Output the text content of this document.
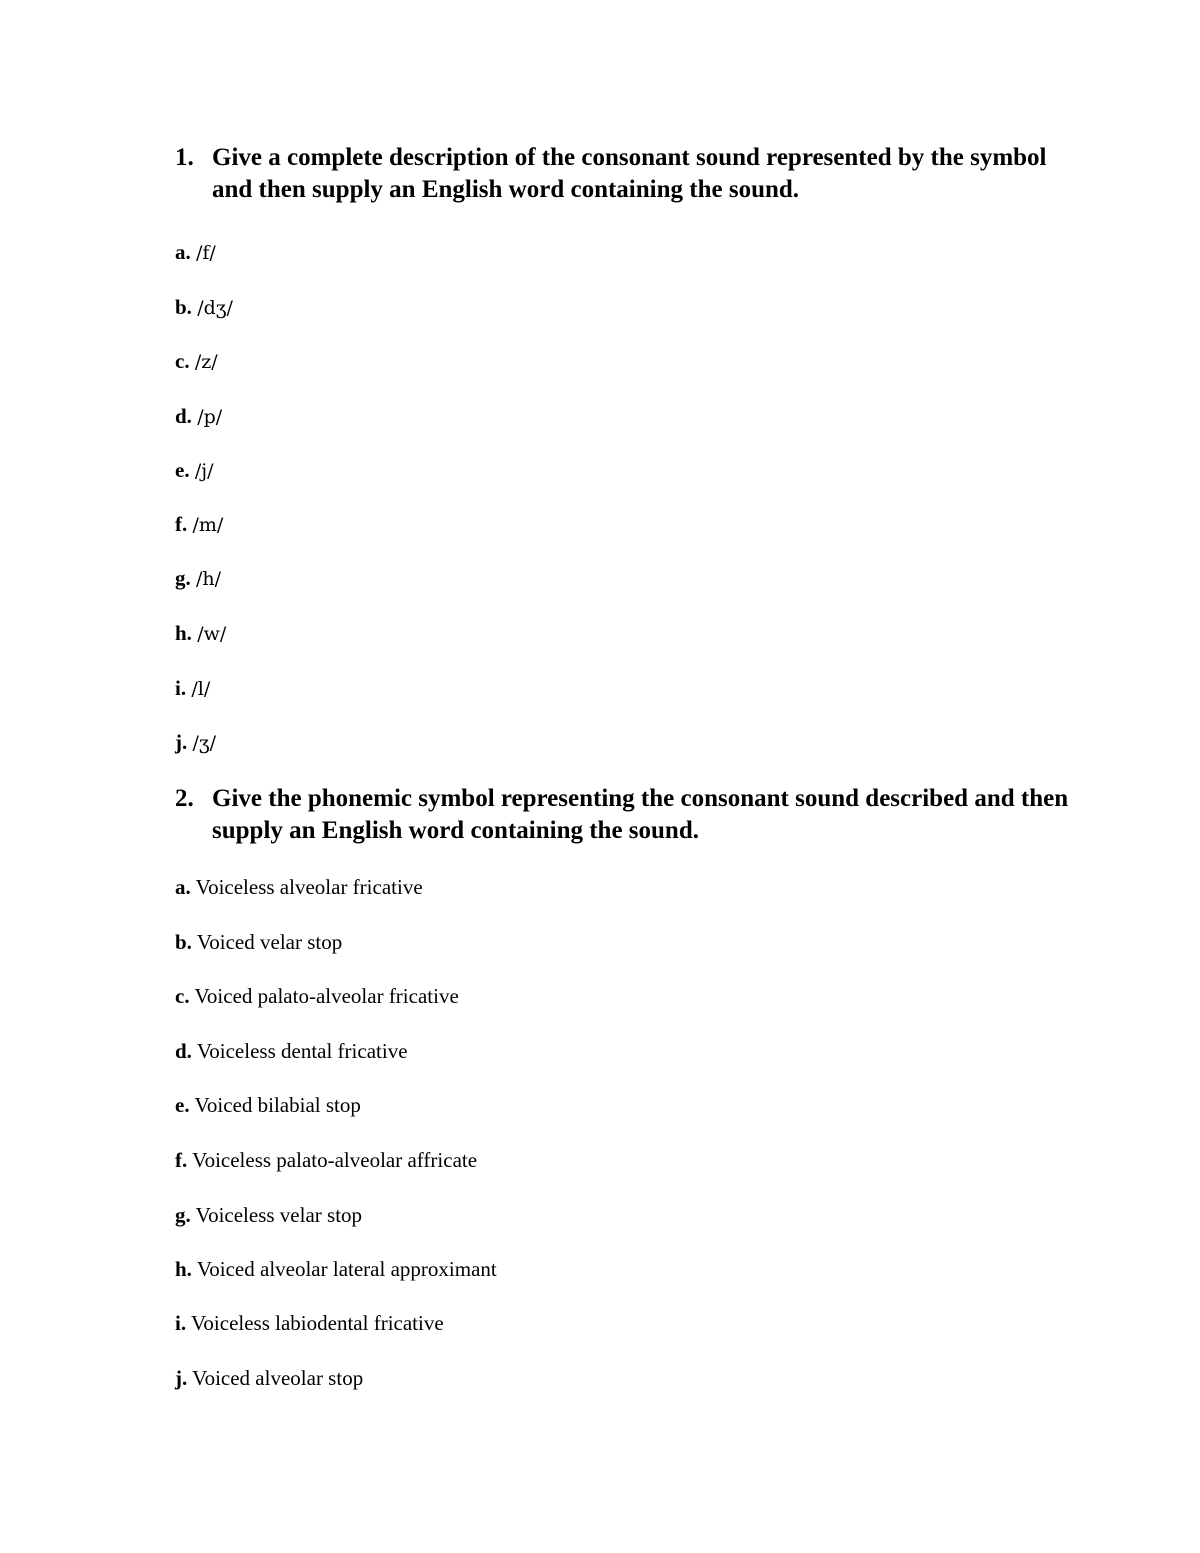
1. Give a complete description of the consonant sound represented by the symbol and then supply an English word containing the sound.
a. /f/
b. /dʒ/
c. /z/
d. /p/
e. /j/
f. /m/
g. /h/
h. /w/
i. /l/
j. /ʒ/
2. Give the phonemic symbol representing the consonant sound described and then supply an English word containing the sound.
a. Voiceless alveolar fricative
b. Voiced velar stop
c. Voiced palato-alveolar fricative
d. Voiceless dental fricative
e. Voiced bilabial stop
f. Voiceless palato-alveolar affricate
g. Voiceless velar stop
h. Voiced alveolar lateral approximant
i. Voiceless labiodental fricative
j. Voiced alveolar stop
